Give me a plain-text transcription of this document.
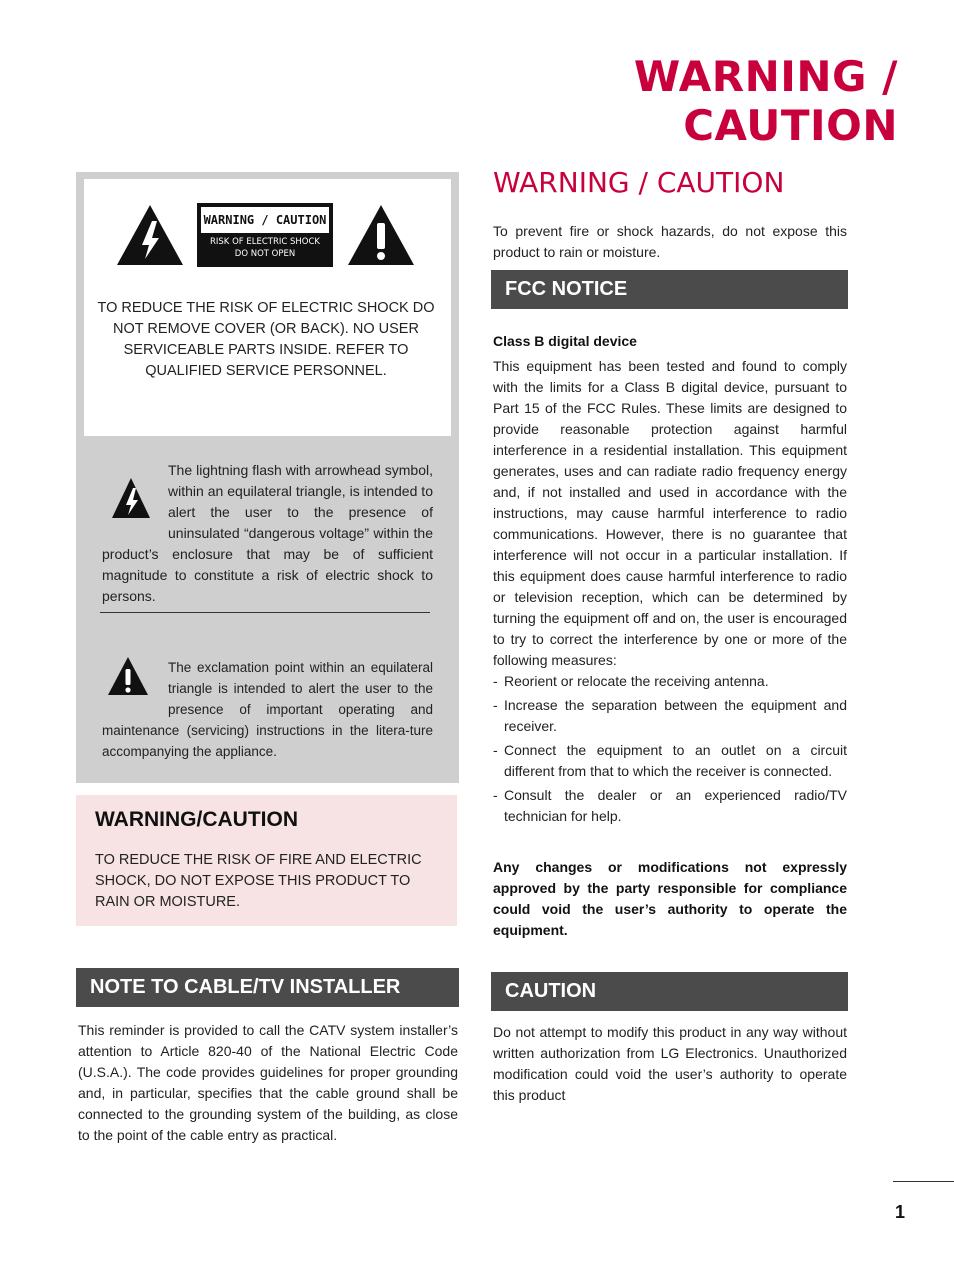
WARNING / CAUTION
WARNING / CAUTION
RISK OF ELECTRIC SHOCK
DO NOT OPEN
TO REDUCE THE RISK OF ELECTRIC SHOCK DO NOT REMOVE COVER (OR BACK). NO USER SERVICEABLE PARTS INSIDE. REFER TO QUALIFIED SERVICE PERSONNEL.

The lightning flash with arrowhead symbol, within an equilateral triangle, is intended to alert the user to the presence of uninsulated “dangerous voltage” within the product’s enclosure that may be of sufficient magnitude to constitute a risk of electric shock to persons.

The exclamation point within an equilateral triangle is intended to alert the user to the presence of important operating and maintenance (servicing) instructions in the litera-ture accompanying the appliance.

WARNING/CAUTION
TO REDUCE THE RISK OF FIRE AND ELECTRIC SHOCK, DO NOT EXPOSE THIS PRODUCT TO RAIN OR MOISTURE.
NOTE TO CABLE/TV INSTALLER

This reminder is provided to call the CATV system installer’s attention to Article 820-40 of the National Electric Code (U.S.A.). The code provides guidelines for proper grounding and, in particular, specifies that the cable ground shall be connected to the grounding system of the building, as close to the point of the cable entry as practical.

WARNING / CAUTION

To prevent fire or shock hazards, do not expose this product to rain or moisture.

FCC NOTICE
Class B digital device

This equipment has been tested and found to comply with the limits for a Class B digital device, pursuant to Part 15 of the FCC Rules. These limits are designed to provide reasonable protection against harmful interference in a residential installation. This equipment generates, uses and can radiate radio frequency energy and, if not installed and used in accordance with the instructions, may cause harmful interference to radio communications. However, there is no guarantee that interference will not occur in a particular installation. If this equipment does cause harmful interference to radio or television reception, which can be determined by turning the equipment off and on, the user is encouraged to try to correct the interference by one or more of the following measures:

- Reorient or relocate the receiving antenna.
- Increase the separation between the equipment and receiver.
- Connect the equipment to an outlet on a circuit different from that to which the receiver is connected.
- Consult the dealer or an experienced radio/TV technician for help.

Any changes or modifications not expressly approved by the party responsible for compliance could void the user’s authority to operate the equipment.

CAUTION

Do not attempt to modify this product in any way without written authorization from LG Electronics. Unauthorized modification could void the user’s authority to operate this product

1
